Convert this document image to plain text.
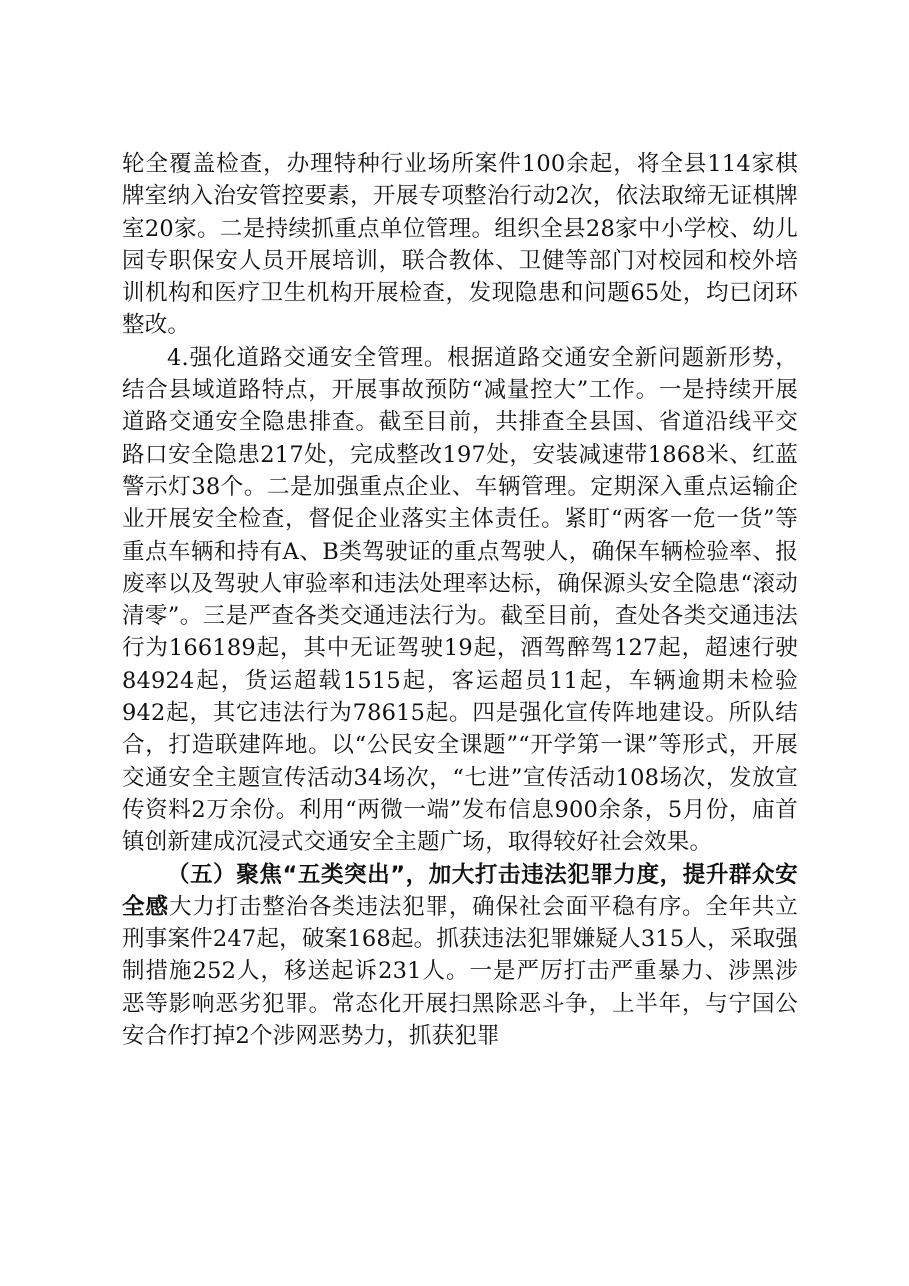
轮全覆盖检查，办理特种行业场所案件100余起，将全县114家棋牌室纳入治安管控要素，开展专项整治行动2次，依法取缔无证棋牌室20家。二是持续抓重点单位管理。组织全县28家中小学校、幼儿园专职保安人员开展培训，联合教体、卫健等部门对校园和校外培训机构和医疗卫生机构开展检查，发现隐患和问题65处，均已闭环整改。

4.强化道路交通安全管理。根据道路交通安全新问题新形势，结合县域道路特点，开展事故预防“减量控大”工作。一是持续开展道路交通安全隐患排查。截至目前，共排查全县国、省道沿线平交路口安全隐患217处，完成整改197处，安装减速带1868米、红蓝警示灯38个。二是加强重点企业、车辆管理。定期深入重点运输企业开展安全检查，督促企业落实主体责任。紧盯“两客一危一货”等重点车辆和持有A、B类驾驶证的重点驾驶人，确保车辆检验率、报废率以及驾驶人审验率和违法处理率达标，确保源头安全隐患“滚动清零”。三是严查各类交通违法行为。截至目前，查处各类交通违法行为166189起，其中无证驾驶19起，酒驾醉驾127起，超速行驶84924起，货运超载1515起，客运超员11起，车辆逾期未检验942起，其它违法行为78615起。四是强化宣传阵地建设。所队结合，打造联建阵地。以“公民安全课题”“开学第一课”等形式，开展交通安全主题宣传活动34场次，“七进”宣传活动108场次，发放宣传资料2万余份。利用“两微一端”发布信息900余条，5月份，庙首镇创新建成沉浸式交通安全主题广场，取得较好社会效果。

（五）聚焦“五类突出”，加大打击违法犯罪力度，提升群众安全感大力打击整治各类违法犯罪，确保社会面平稳有序。全年共立刑事案件247起，破案168起。抓获违法犯罪嫌疑人315人，采取强制措施252人，移送起诉231人。一是严厉打击严重暴力、涉黑涉恶等影响恶劣犯罪。常态化开展扫黑除恶斗争，上半年，与宁国公安合作打掉2个涉网恶势力，抓获犯罪
